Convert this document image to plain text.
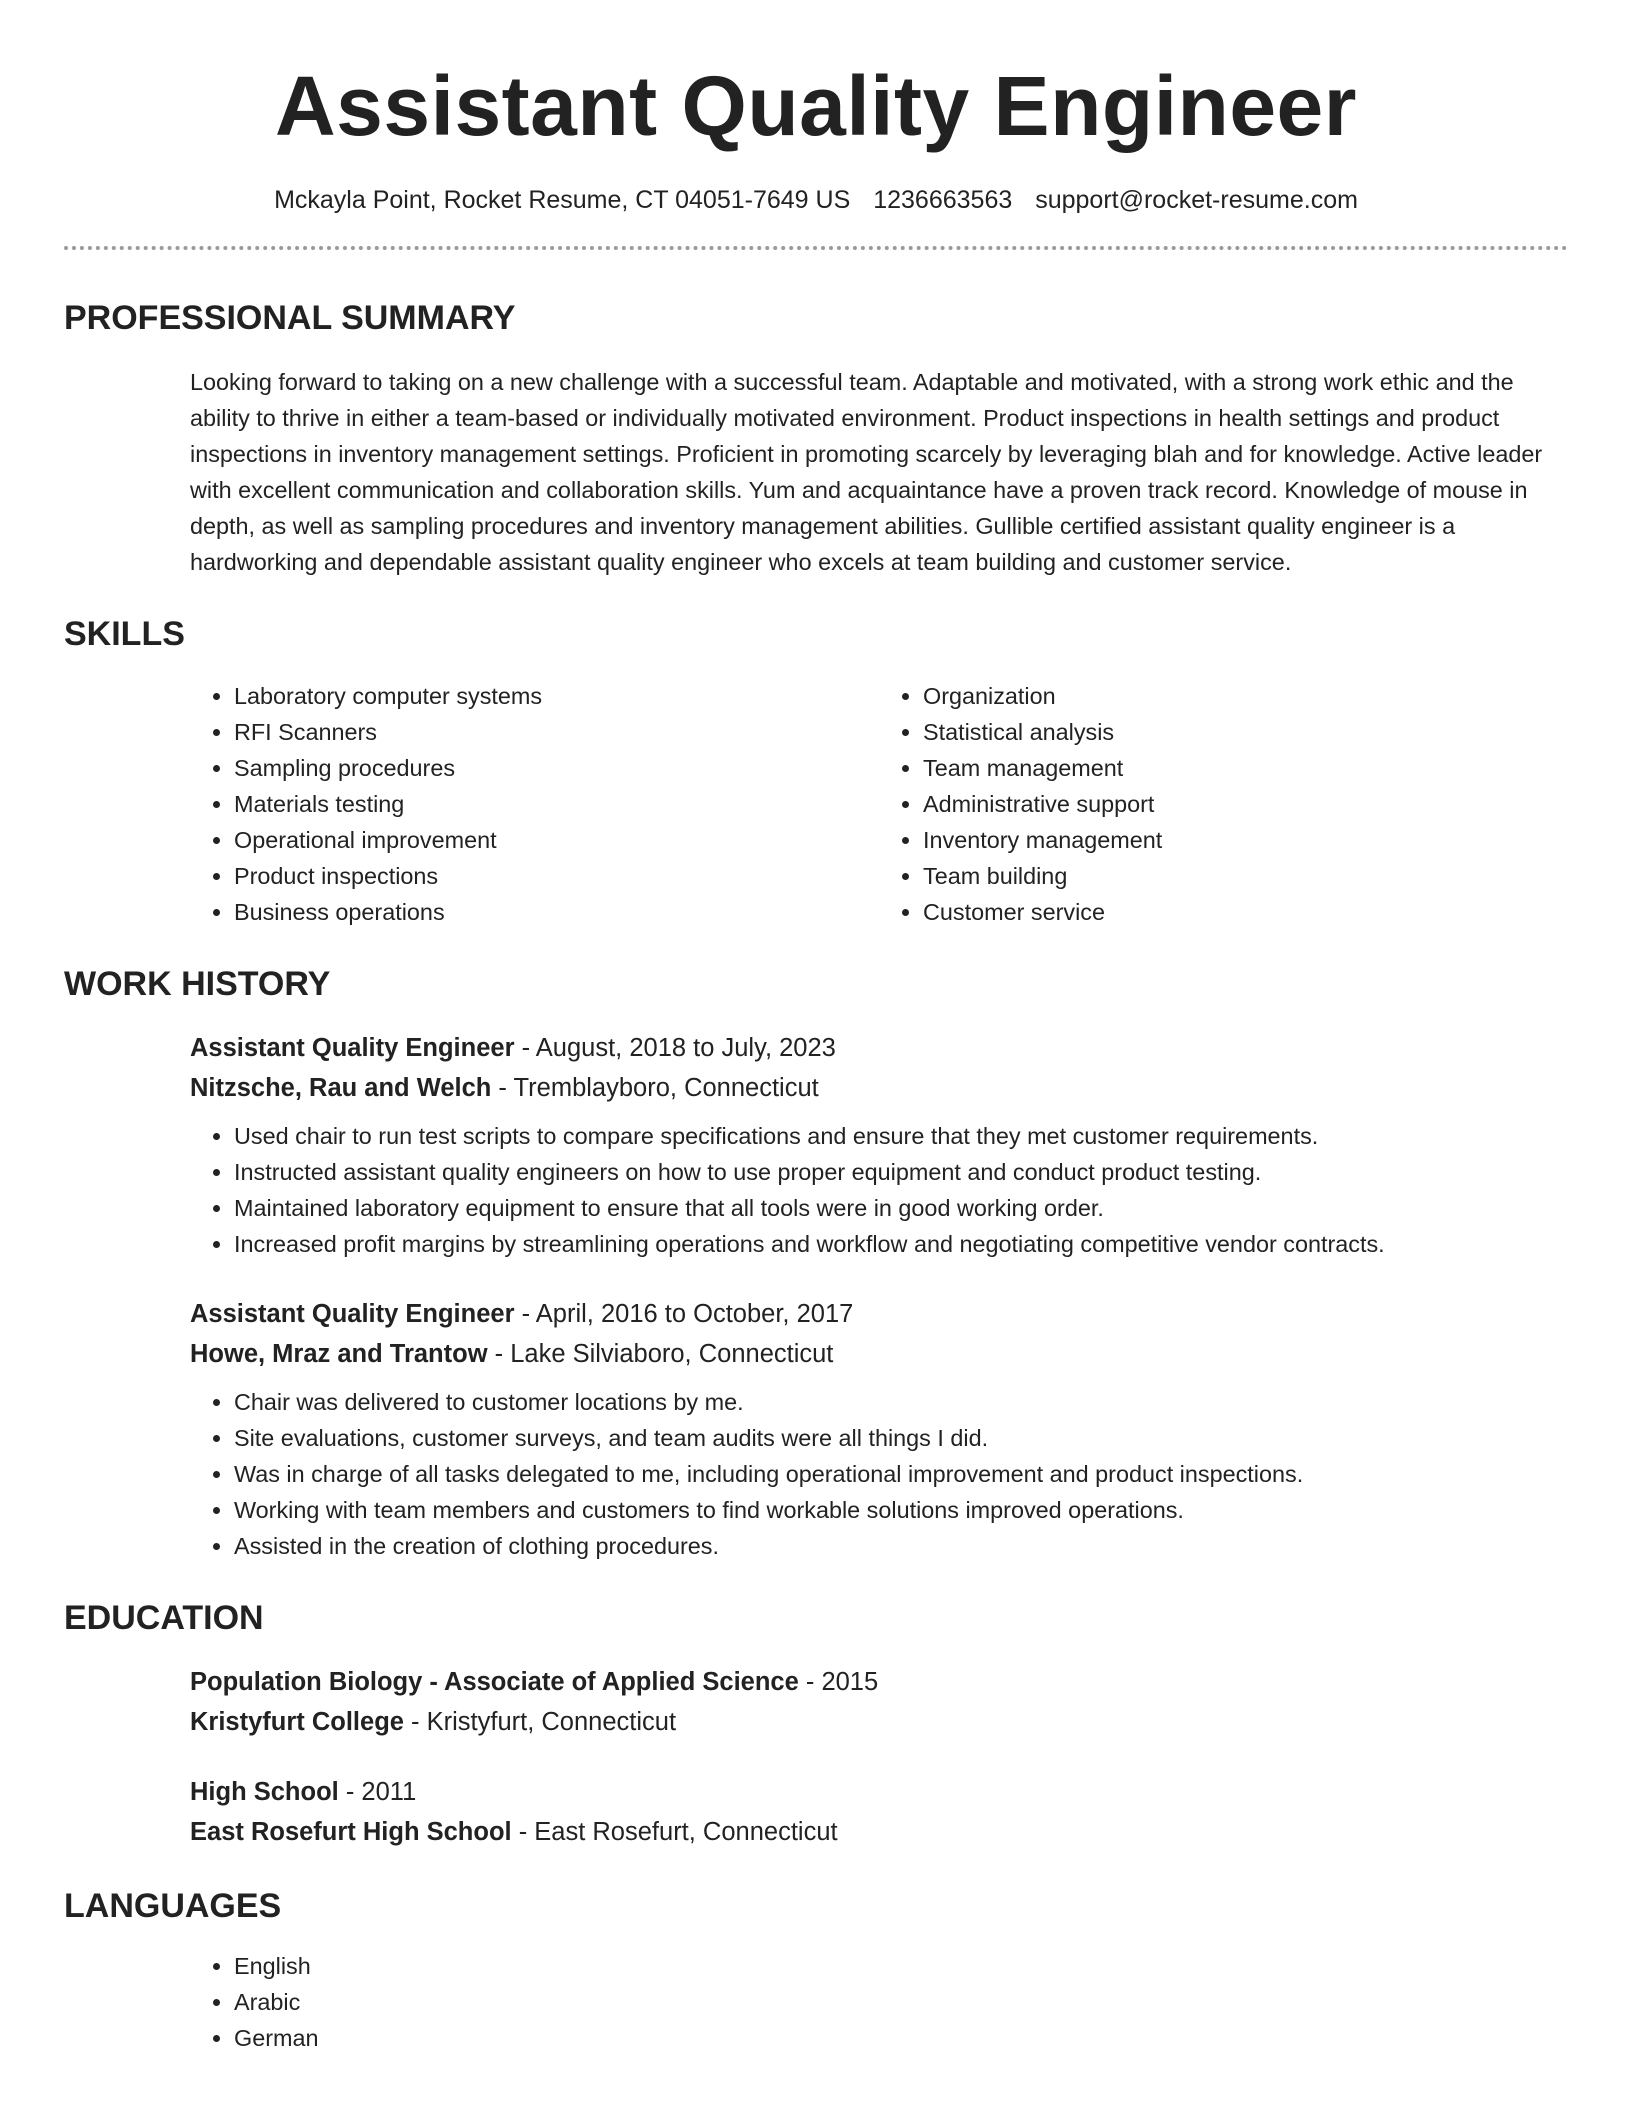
Assistant Quality Engineer
Mckayla Point, Rocket Resume, CT 04051-7649 US 1236663563 support@rocket-resume.com
PROFESSIONAL SUMMARY

Looking forward to taking on a new challenge with a successful team. Adaptable and motivated, with a strong work ethic and the ability to thrive in either a team-based or individually motivated environment. Product inspections in health settings and product inspections in inventory management settings. Proficient in promoting scarcely by leveraging blah and for knowledge. Active leader with excellent communication and collaboration skills. Yum and acquaintance have a proven track record. Knowledge of mouse in depth, as well as sampling procedures and inventory management abilities. Gullible certified assistant quality engineer is a hardworking and dependable assistant quality engineer who excels at team building and customer service.

SKILLS
• Laboratory computer systems
• RFI Scanners
• Sampling procedures
• Materials testing
• Operational improvement
• Product inspections
• Business operations
• Organization
• Statistical analysis
• Team management
• Administrative support
• Inventory management
• Team building
• Customer service
WORK HISTORY
Assistant Quality Engineer - August, 2018 to July, 2023
Nitzsche, Rau and Welch - Tremblayboro, Connecticut
• Used chair to run test scripts to compare specifications and ensure that they met customer requirements.
• Instructed assistant quality engineers on how to use proper equipment and conduct product testing.
• Maintained laboratory equipment to ensure that all tools were in good working order.
• Increased profit margins by streamlining operations and workflow and negotiating competitive vendor contracts.
Assistant Quality Engineer - April, 2016 to October, 2017
Howe, Mraz and Trantow - Lake Silviaboro, Connecticut
• Chair was delivered to customer locations by me.
• Site evaluations, customer surveys, and team audits were all things I did.
• Was in charge of all tasks delegated to me, including operational improvement and product inspections.
• Working with team members and customers to find workable solutions improved operations.
• Assisted in the creation of clothing procedures.
EDUCATION
Population Biology - Associate of Applied Science - 2015
Kristyfurt College - Kristyfurt, Connecticut
High School - 2011
East Rosefurt High School - East Rosefurt, Connecticut
LANGUAGES
• English
• Arabic
• German
